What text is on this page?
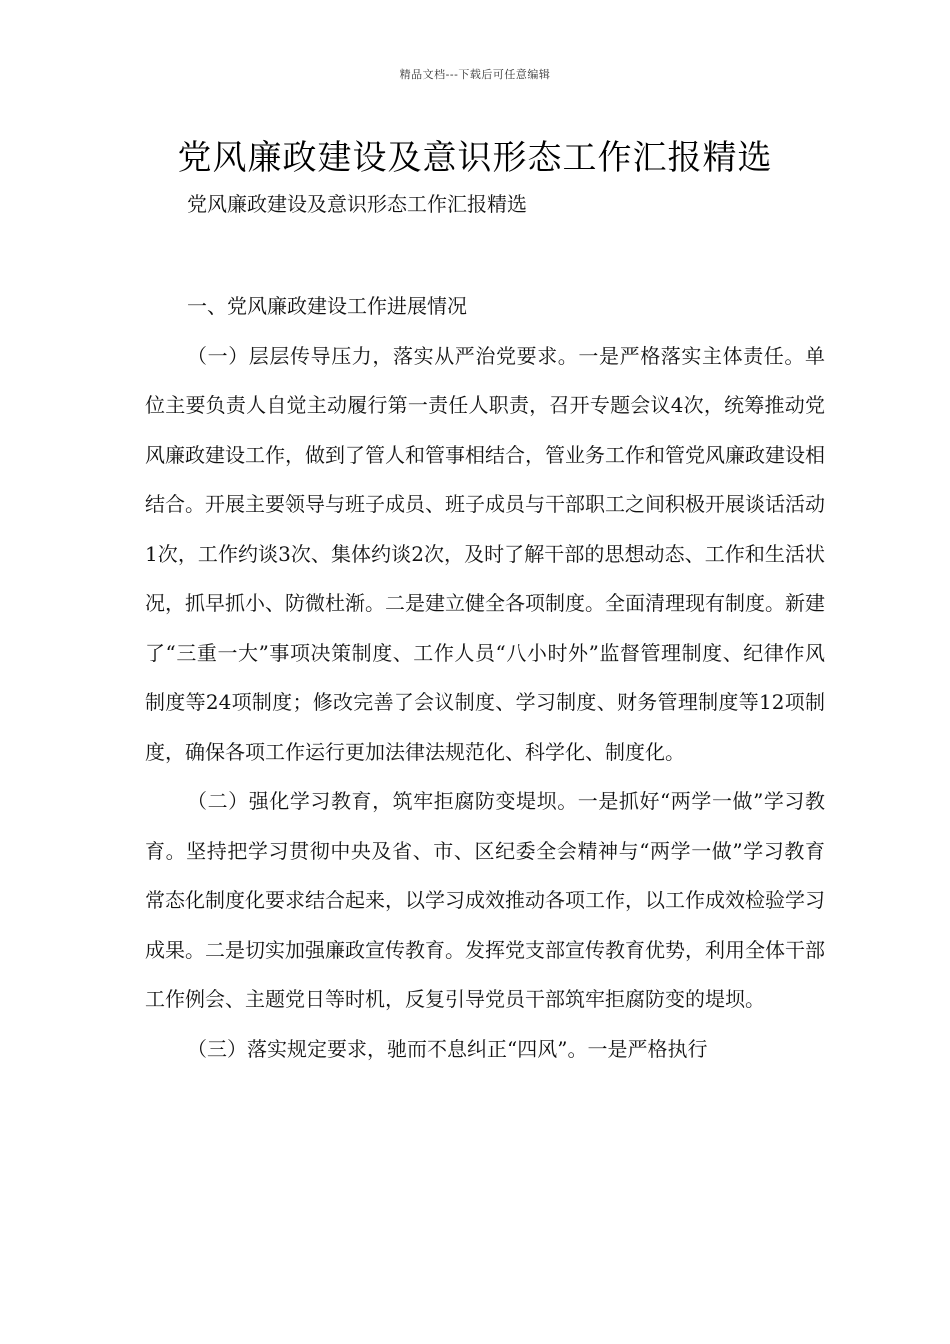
精品文档---下载后可任意编辑
党风廉政建设及意识形态工作汇报精选

党风廉政建设及意识形态工作汇报精选

一、党风廉政建设工作进展情况

（一）层层传导压力，落实从严治党要求。一是严格落实主体责任。单位主要负责人自觉主动履行第一责任人职责，召开专题会议4次，统筹推动党风廉政建设工作，做到了管人和管事相结合，管业务工作和管党风廉政建设相结合。开展主要领导与班子成员、班子成员与干部职工之间积极开展谈话活动1次，工作约谈3次、集体约谈2次，及时了解干部的思想动态、工作和生活状况，抓早抓小、防微杜渐。二是建立健全各项制度。全面清理现有制度。新建了“三重一大”事项决策制度、工作人员“八小时外”监督管理制度、纪律作风制度等24项制度；修改完善了会议制度、学习制度、财务管理制度等12项制度，确保各项工作运行更加法律法规范化、科学化、制度化。

（二）强化学习教育，筑牢拒腐防变堤坝。一是抓好“两学一做”学习教育。坚持把学习贯彻中央及省、市、区纪委全会精神与“两学一做”学习教育常态化制度化要求结合起来，以学习成效推动各项工作，以工作成效检验学习成果。二是切实加强廉政宣传教育。发挥党支部宣传教育优势，利用全体干部工作例会、主题党日等时机，反复引导党员干部筑牢拒腐防变的堤坝。

（三）落实规定要求，驰而不息纠正“四风”。一是严格执行
